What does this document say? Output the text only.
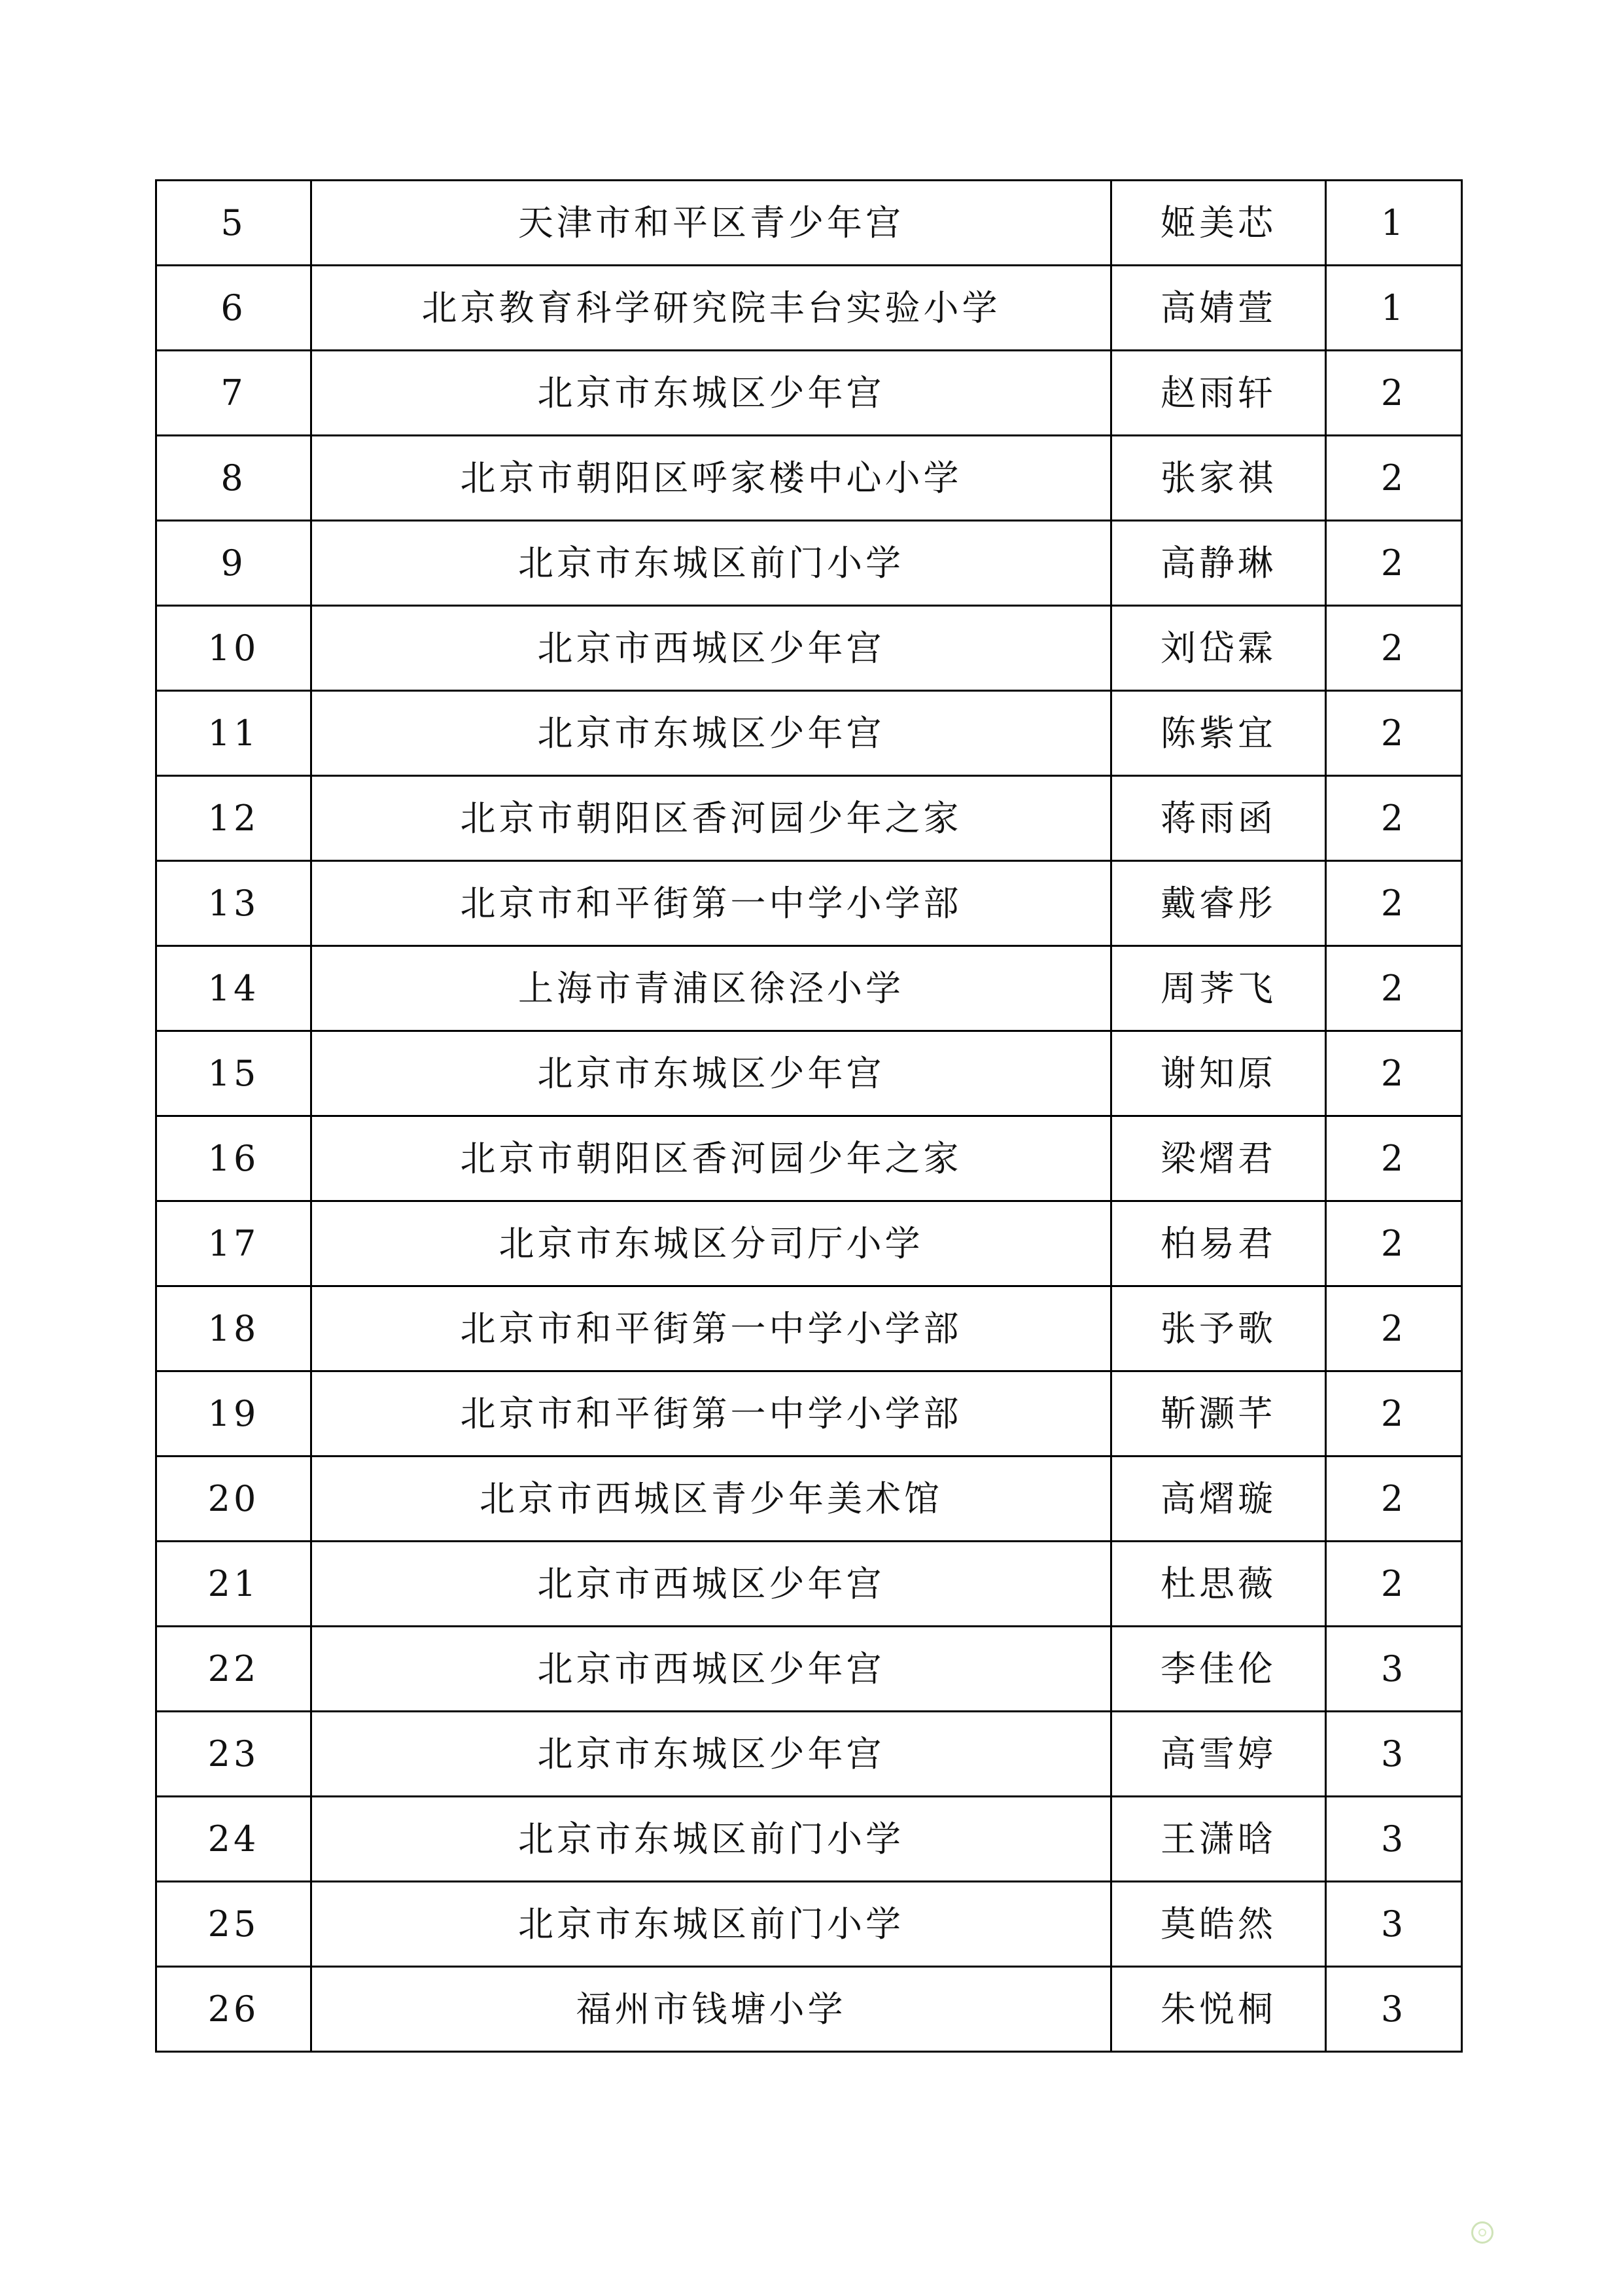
5	天津市和平区青少年宫	姬美芯	1
6	北京教育科学研究院丰台实验小学	高婧萱	1
7	北京市东城区少年宫	赵雨轩	2
8	北京市朝阳区呼家楼中心小学	张家祺	2
9	北京市东城区前门小学	高静琳	2
10	北京市西城区少年宫	刘岱霖	2
11	北京市东城区少年宫	陈紫宜	2
12	北京市朝阳区香河园少年之家	蒋雨函	2
13	北京市和平街第一中学小学部	戴睿彤	2
14	上海市青浦区徐泾小学	周荠飞	2
15	北京市东城区少年宫	谢知原	2
16	北京市朝阳区香河园少年之家	梁熠君	2
17	北京市东城区分司厅小学	柏易君	2
18	北京市和平街第一中学小学部	张予歌	2
19	北京市和平街第一中学小学部	靳灏芊	2
20	北京市西城区青少年美术馆	高熠璇	2
21	北京市西城区少年宫	杜思薇	2
22	北京市西城区少年宫	李佳伦	3
23	北京市东城区少年宫	高雪婷	3
24	北京市东城区前门小学	王潇晗	3
25	北京市东城区前门小学	莫皓然	3
26	福州市钱塘小学	朱悦桐	3
